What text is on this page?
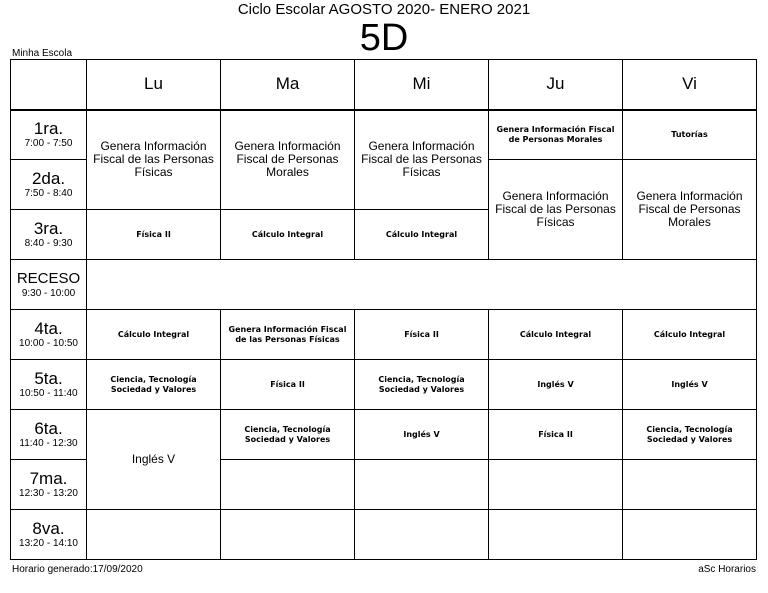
Ciclo Escolar AGOSTO 2020- ENERO 2021
5D
Minha Escola
	Lu	Ma	Mi	Ju	Vi

1ra.
7:00 - 7:50	Genera Información Fiscal de las Personas Físicas	Genera Información Fiscal de Personas Morales	Genera Información Fiscal de las Personas Físicas	Genera Información Fiscal de Personas Morales	Tutorías

2da.
7:50 - 8:40				Genera Información Fiscal de las Personas Físicas	Genera Información Fiscal de Personas Morales

3ra.
8:40 - 9:30	Física II	Cálculo Integral	Cálculo Integral		

RECESO
9:30 - 10:00					

4ta.
10:00 - 10:50	Cálculo Integral	Genera Información Fiscal de las Personas Físicas	Física II	Cálculo Integral	Cálculo Integral

5ta.
10:50 - 11:40	Ciencia, Tecnología Sociedad y Valores	Física II	Ciencia, Tecnología Sociedad y Valores	Inglés V	Inglés V

6ta.
11:40 - 12:30	Inglés V	Ciencia, Tecnología Sociedad y Valores	Inglés V	Física II	Ciencia, Tecnología Sociedad y Valores

7ma.
12:30 - 13:20					

8va.
13:20 - 14:10					

Horario generado:17/09/2020	aSc Horarios
